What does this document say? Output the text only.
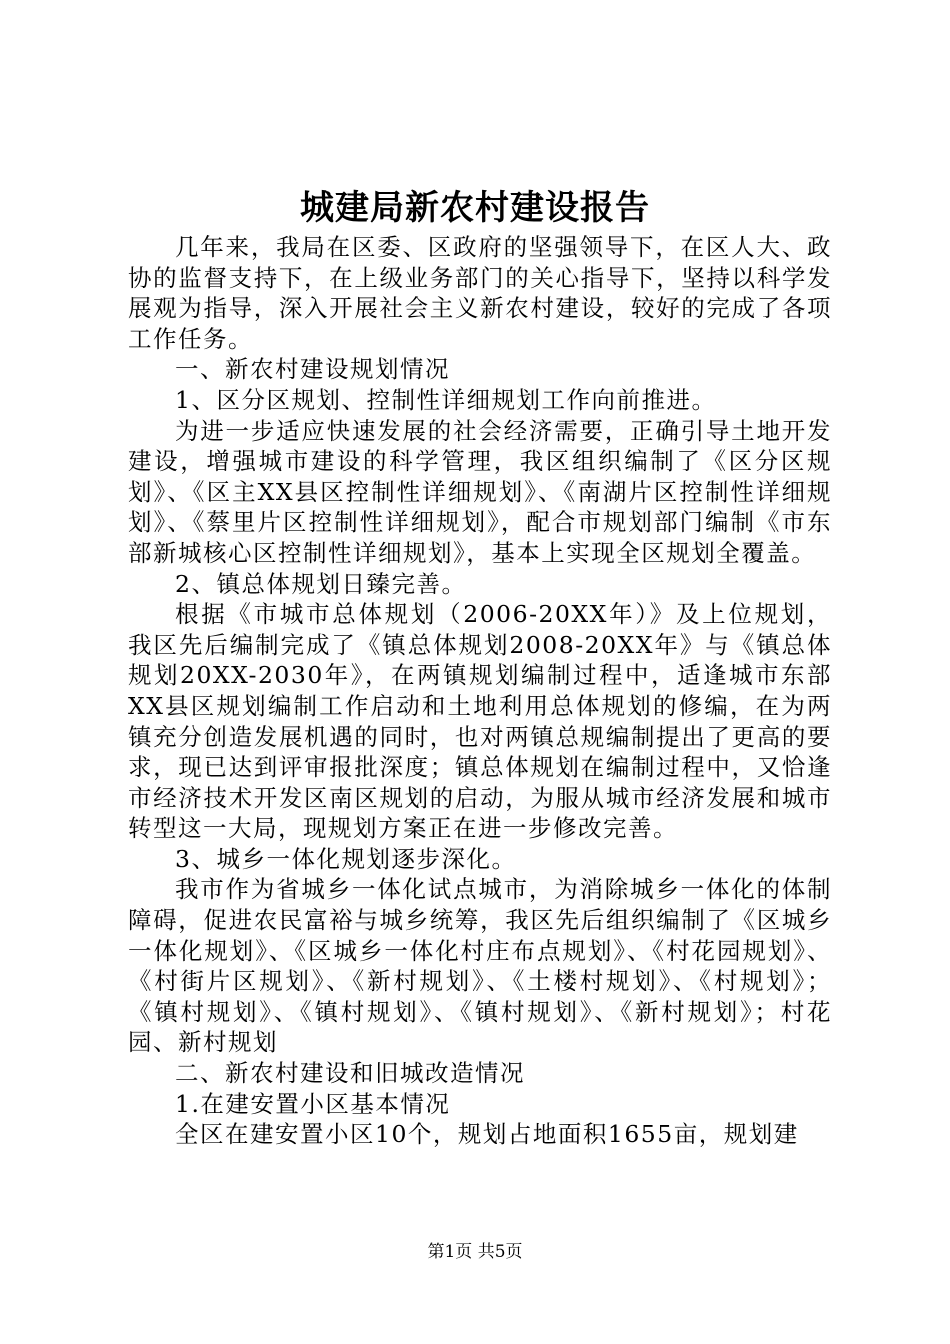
城建局新农村建设报告

几年来，我局在区委、区政府的坚强领导下，在区人大、政协的监督支持下，在上级业务部门的关心指导下，坚持以科学发展观为指导，深入开展社会主义新农村建设，较好的完成了各项工作任务。

一、新农村建设规划情况

1、区分区规划、控制性详细规划工作向前推进。

为进一步适应快速发展的社会经济需要，正确引导土地开发建设，增强城市建设的科学管理，我区组织编制了《区分区规划》、《区主XX县区控制性详细规划》、《南湖片区控制性详细规划》、《蔡里片区控制性详细规划》，配合市规划部门编制《市东部新城核心区控制性详细规划》，基本上实现全区规划全覆盖。

2、镇总体规划日臻完善。

根据《市城市总体规划（2006-20XX年）》及上位规划，我区先后编制完成了《镇总体规划2008-20XX年》与《镇总体规划20XX-2030年》，在两镇规划编制过程中，适逢城市东部XX县区规划编制工作启动和土地利用总体规划的修编，在为两镇充分创造发展机遇的同时，也对两镇总规编制提出了更高的要求，现已达到评审报批深度；镇总体规划在编制过程中，又恰逢市经济技术开发区南区规划的启动，为服从城市经济发展和城市转型这一大局，现规划方案正在进一步修改完善。

3、城乡一体化规划逐步深化。

我市作为省城乡一体化试点城市，为消除城乡一体化的体制障碍，促进农民富裕与城乡统筹，我区先后组织编制了《区城乡一体化规划》、《区城乡一体化村庄布点规划》、《村花园规划》、《村街片区规划》、《新村规划》、《土楼村规划》、《村规划》；《镇村规划》、《镇村规划》、《镇村规划》、《新村规划》；村花园、新村规划

二、新农村建设和旧城改造情况

1.在建安置小区基本情况

全区在建安置小区10个，规划占地面积1655亩，规划建

第1页 共5页
